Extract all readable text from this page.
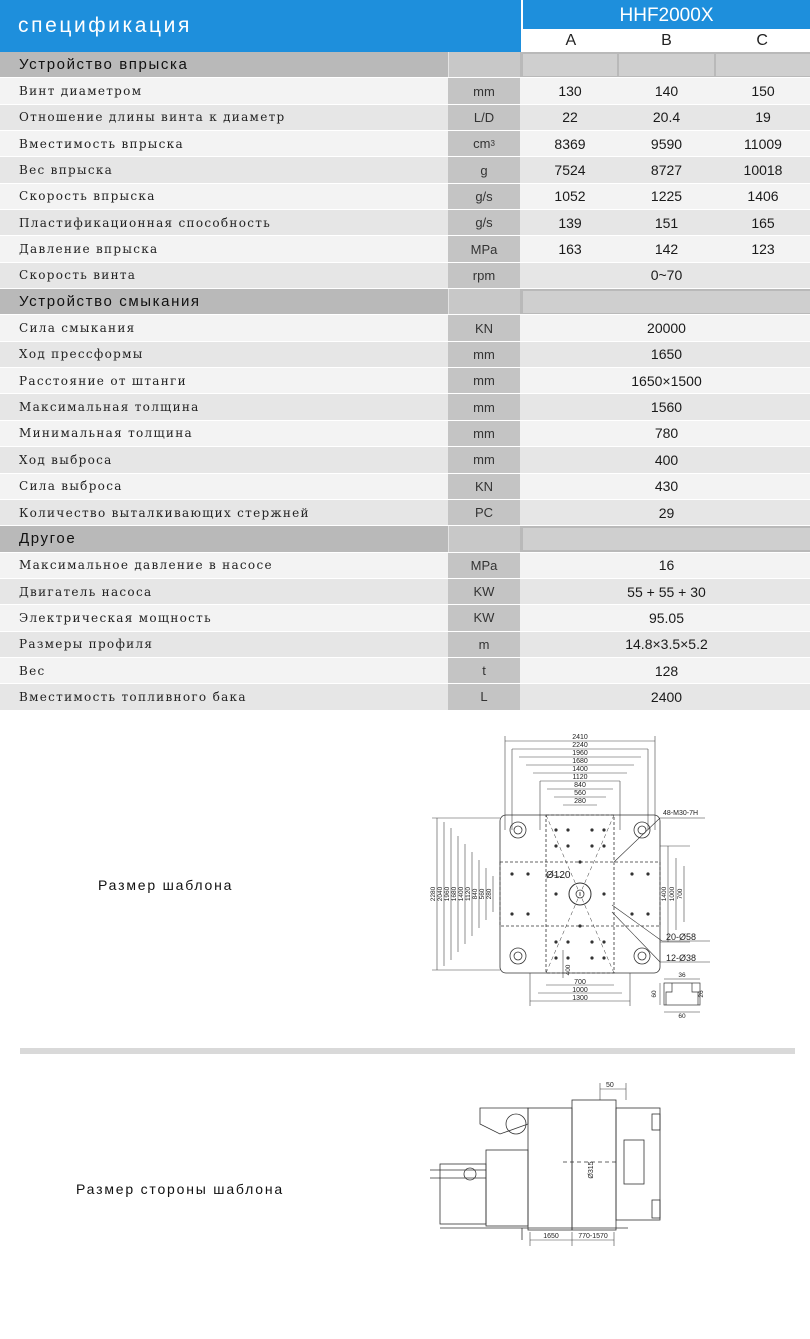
спецификация	HHF2000X
A	B	C
Устройство впрыска
Винт диаметром	mm	130	140	150
Отношение длины винта к диаметр	L/D	22	20.4	19
Вместимость впрыска	cm 3	8369	9590	11009
Вес впрыска	g	7524	8727	10018
Скорость впрыска	g/s	1052	1225	1406
Пластификационная способность	g/s	139	151	165
Давление впрыска	MPa	163	142	123
Скорость винта	rpm	0~70
Устройство смыкания
Сила смыкания	KN	20000
Ход прессформы	mm	1650
Расстояние от штанги	mm	1650×1500
Максимальная толщина	mm	1560
Минимальная толщина	mm	780
Ход выброса	mm	400
Сила выброса	KN	430
Количество выталкивающих стержней	PC	29
Другое
Максимальное давление в насосе	MPa	16
Двигатель насоса	KW	55 + 55 + 30
Электрическая мощность	KW	95.05
Размеры профиля	m	14.8×3.5×5.2
Вес	t	128
Вместимость топливного бака	L	2400
Размер шаблона
2410
2240
1960
1680
1400
1120
840
560
280
2280 2040 1960 1680 1400 1120 840 560 280	1400 1000 700
700
1000
1300
400
48-M30-7H
Ø120
20-Ø58
12-Ø38
36
60
60
26
Размер стороны шаблона
50
Ø315
1650	770-1570
